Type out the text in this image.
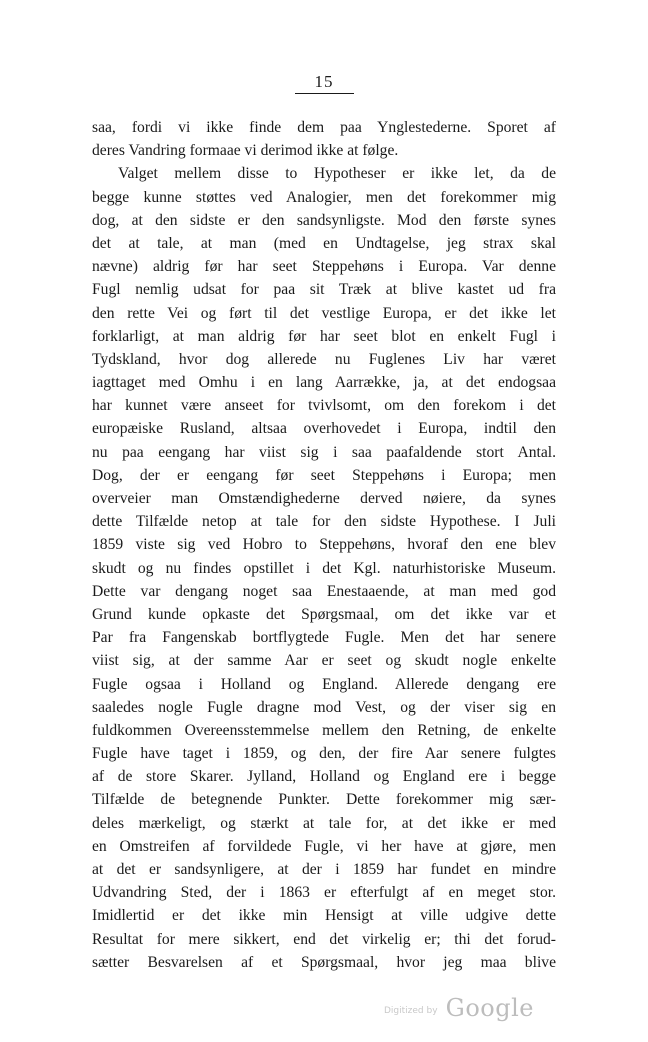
15
saa, fordi vi ikke finde dem paa Ynglestederne. Sporet af
deres Vandring formaae vi derimod ikke at følge.
Valget mellem disse to Hypotheser er ikke let, da de
begge kunne støttes ved Analogier, men det forekommer mig
dog, at den sidste er den sandsynligste. Mod den første synes
det at tale, at man (med en Undtagelse, jeg strax skal
nævne) aldrig før har seet Steppehøns i Europa. Var denne
Fugl nemlig udsat for paa sit Træk at blive kastet ud fra
den rette Vei og ført til det vestlige Europa, er det ikke let
forklarligt, at man aldrig før har seet blot en enkelt Fugl i
Tydskland, hvor dog allerede nu Fuglenes Liv har været
iagttaget med Omhu i en lang Aarrække, ja, at det endogsaa
har kunnet være anseet for tvivlsomt, om den forekom i det
europæiske Rusland, altsaa overhovedet i Europa, indtil den
nu paa eengang har viist sig i saa paafaldende stort Antal.
Dog, der er eengang før seet Steppehøns i Europa; men
overveier man Omstændighederne derved nøiere, da synes
dette Tilfælde netop at tale for den sidste Hypothese. I Juli
1859 viste sig ved Hobro to Steppehøns, hvoraf den ene blev
skudt og nu findes opstillet i det Kgl. naturhistoriske Museum.
Dette var dengang noget saa Enestaaende, at man med god
Grund kunde opkaste det Spørgsmaal, om det ikke var et
Par fra Fangenskab bortflygtede Fugle. Men det har senere
viist sig, at der samme Aar er seet og skudt nogle enkelte
Fugle ogsaa i Holland og England. Allerede dengang ere
saaledes nogle Fugle dragne mod Vest, og der viser sig en
fuldkommen Overeensstemmelse mellem den Retning, de enkelte
Fugle have taget i 1859, og den, der fire Aar senere fulgtes
af de store Skarer. Jylland, Holland og England ere i begge
Tilfælde de betegnende Punkter. Dette forekommer mig sær-
deles mærkeligt, og stærkt at tale for, at det ikke er med
en Omstreifen af forvildede Fugle, vi her have at gjøre, men
at det er sandsynligere, at der i 1859 har fundet en mindre
Udvandring Sted, der i 1863 er efterfulgt af en meget stor.
Imidlertid er det ikke min Hensigt at ville udgive dette
Resultat for mere sikkert, end det virkelig er; thi det forud-
sætter Besvarelsen af et Spørgsmaal, hvor jeg maa blive
Digitized by Google
